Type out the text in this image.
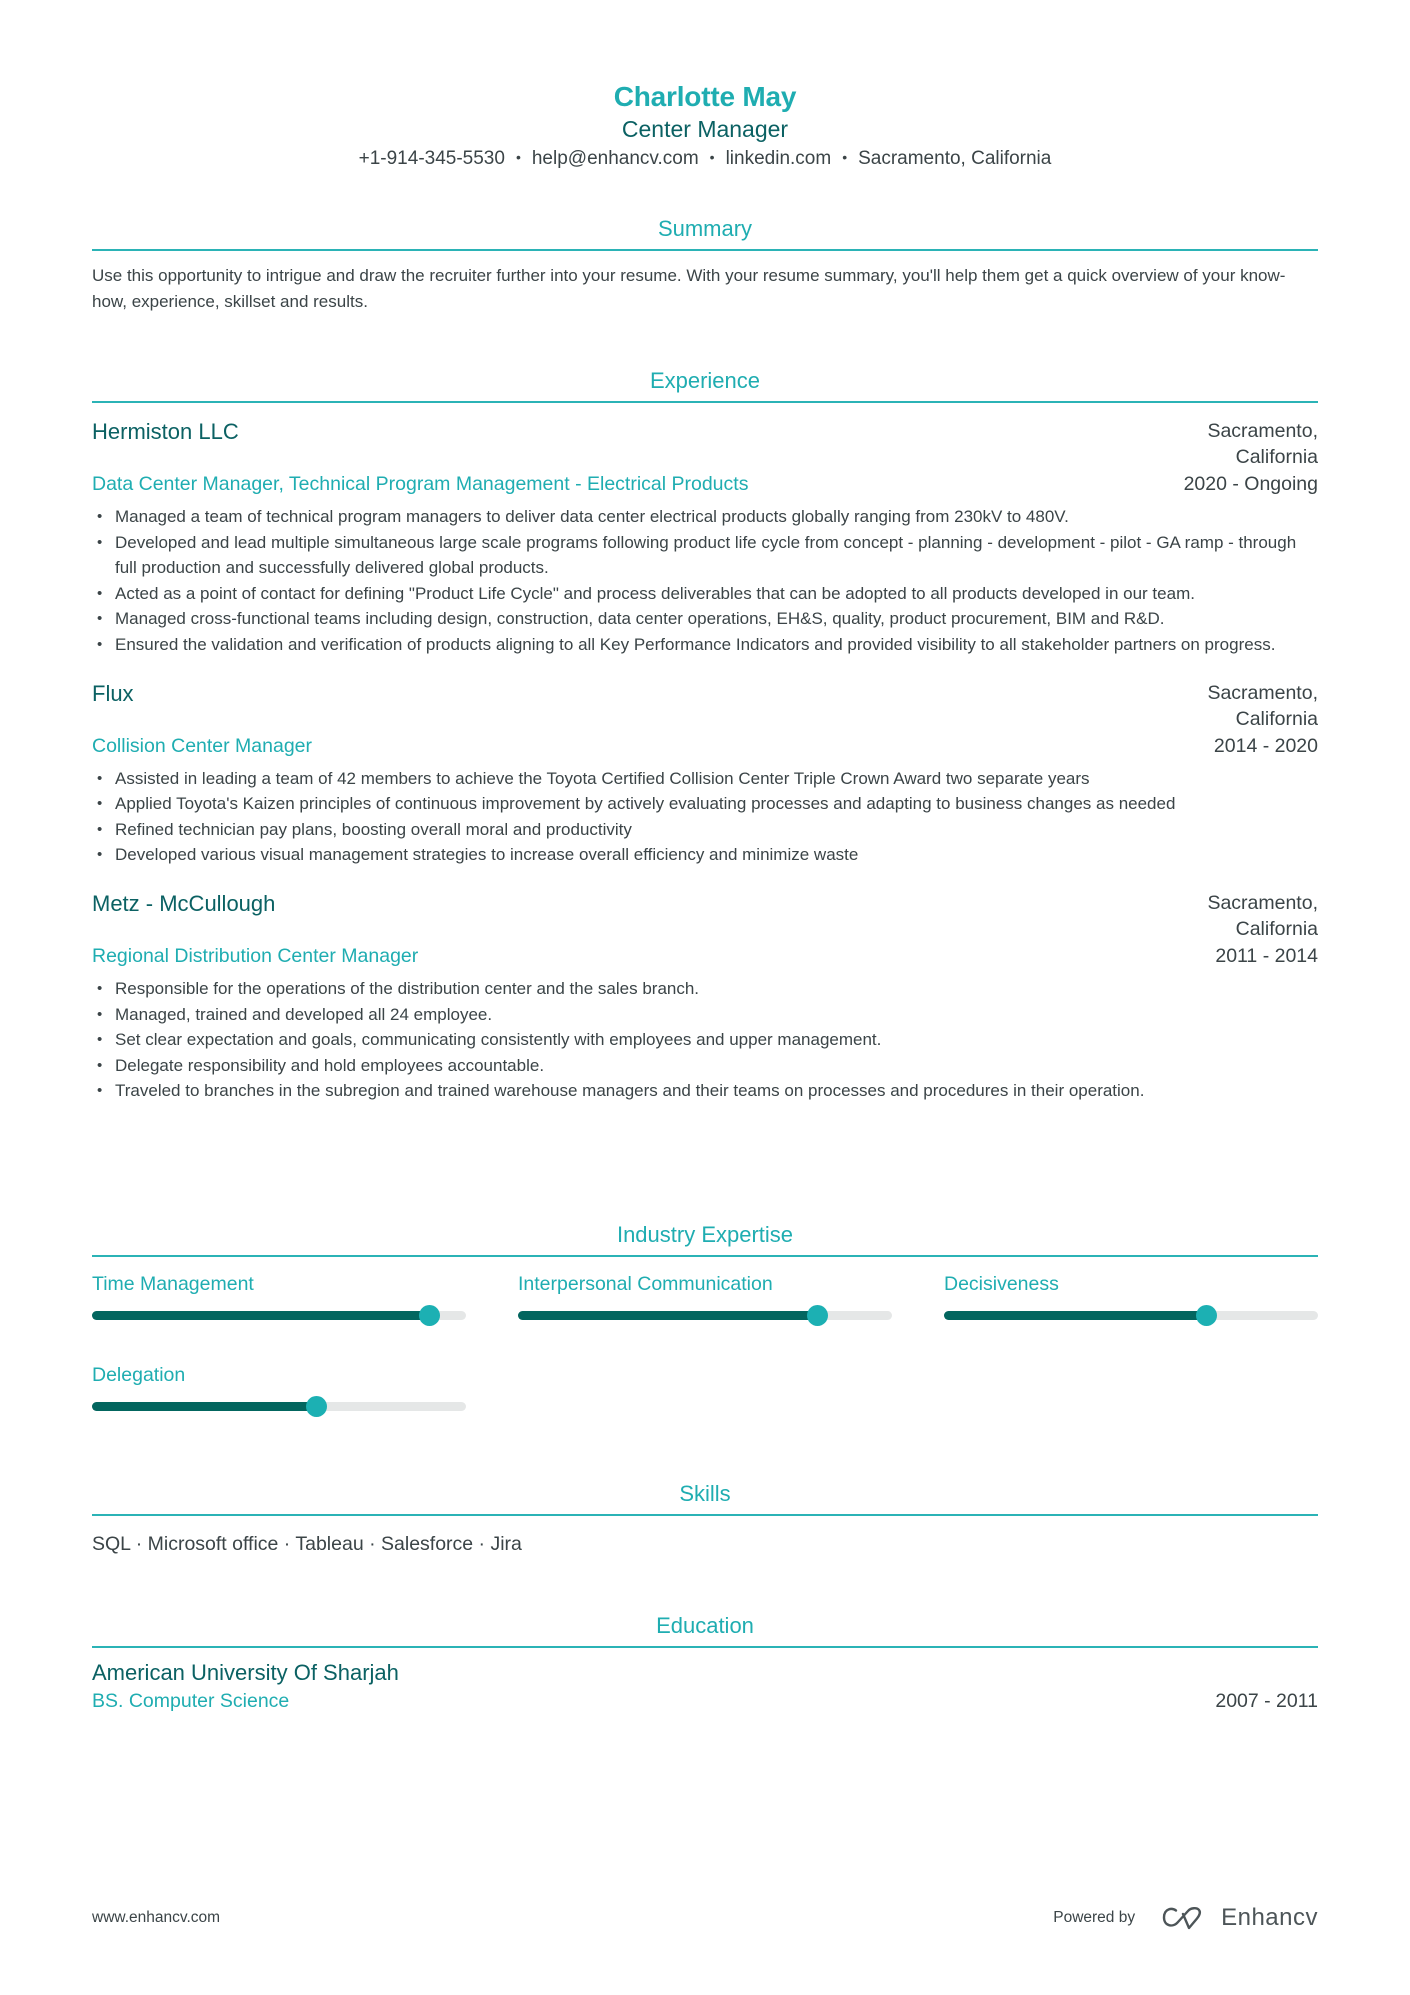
Charlotte May
Center Manager
+1-914-345-5530 • help@enhancv.com • linkedin.com • Sacramento, California
Summary

Use this opportunity to intrigue and draw the recruiter further into your resume. With your resume summary, you'll help them get a quick overview of your know-how, experience, skillset and results.

Experience
Hermiston LLC	Sacramento,
California
Data Center Manager, Technical Program Management - Electrical Products	2020 - Ongoing
• Managed a team of technical program managers to deliver data center electrical products globally ranging from 230kV to 480V.
• Developed and lead multiple simultaneous large scale programs following product life cycle from concept - planning - development - pilot - GA ramp - through full production and successfully delivered global products.
• Acted as a point of contact for defining "Product Life Cycle" and process deliverables that can be adopted to all products developed in our team.
• Managed cross-functional teams including design, construction, data center operations, EH&S, quality, product procurement, BIM and R&D.
• Ensured the validation and verification of products aligning to all Key Performance Indicators and provided visibility to all stakeholder partners on progress.
Flux	Sacramento,
California
Collision Center Manager	2014 - 2020
• Assisted in leading a team of 42 members to achieve the Toyota Certified Collision Center Triple Crown Award two separate years
• Applied Toyota's Kaizen principles of continuous improvement by actively evaluating processes and adapting to business changes as needed
• Refined technician pay plans, boosting overall moral and productivity
• Developed various visual management strategies to increase overall efficiency and minimize waste
Metz - McCullough	Sacramento,
California
Regional Distribution Center Manager	2011 - 2014
• Responsible for the operations of the distribution center and the sales branch.
• Managed, trained and developed all 24 employee.
• Set clear expectation and goals, communicating consistently with employees and upper management.
• Delegate responsibility and hold employees accountable.
• Traveled to branches in the subregion and trained warehouse managers and their teams on processes and procedures in their operation.
Industry Expertise
Time Management	Interpersonal Communication	Decisiveness
Delegation
Skills
SQL · Microsoft office · Tableau · Salesforce · Jira
Education
American University Of Sharjah
BS. Computer Science	2007 - 2011
www.enhancv.com	Powered by	Enhancv
